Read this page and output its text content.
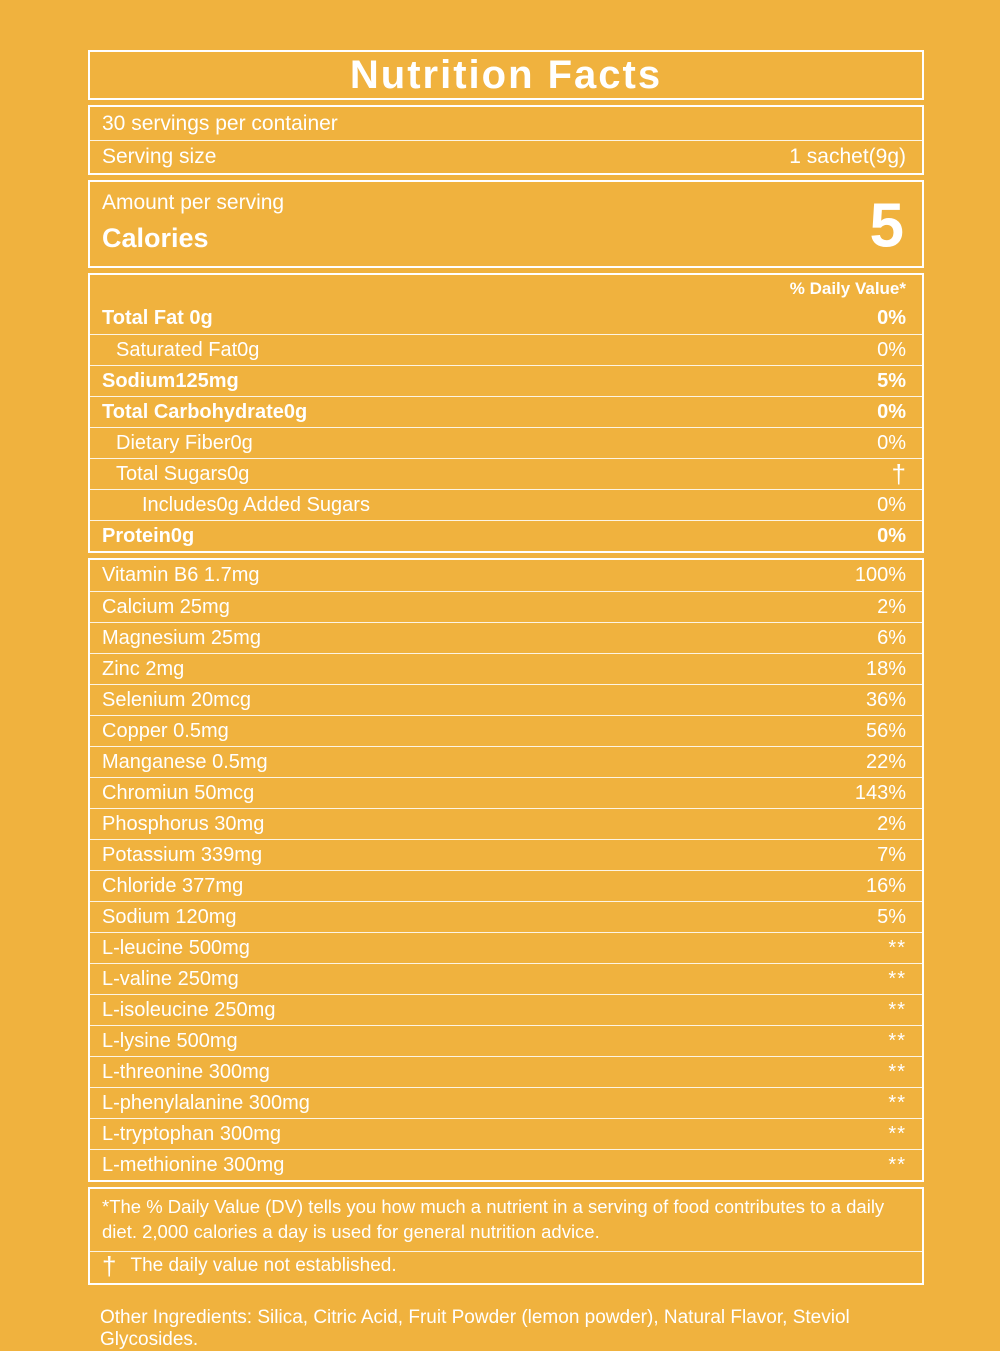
Nutrition Facts
30 servings per container
Serving size	1 sachet(9g)
Amount per serving
Calories	5
% Daily Value*
Total Fat 0g	0%
Saturated Fat0g	0%
Sodium125mg	5%
Total Carbohydrate0g	0%
Dietary Fiber0g	0%
Total Sugars0g	†
Includes0g Added Sugars	0%
Protein0g	0%
Vitamin B6 1.7mg	100%
Calcium 25mg	2%
Magnesium 25mg	6%
Zinc 2mg	18%
Selenium 20mcg	36%
Copper 0.5mg	56%
Manganese 0.5mg	22%
Chromiun 50mcg	143%
Phosphorus 30mg	2%
Potassium 339mg	7%
Chloride 377mg	16%
Sodium 120mg	5%
L-leucine 500mg	**
L-valine 250mg	**
L-isoleucine 250mg	**
L-lysine 500mg	**
L-threonine 300mg	**
L-phenylalanine 300mg	**
L-tryptophan 300mg	**
L-methionine 300mg	**
*The % Daily Value (DV) tells you how much a nutrient in a serving of food contributes to a daily diet. 2,000 calories a day is used for general nutrition advice.
† The daily value not established.
Other Ingredients: Silica, Citric Acid, Fruit Powder (lemon powder), Natural Flavor, Steviol Glycosides.
